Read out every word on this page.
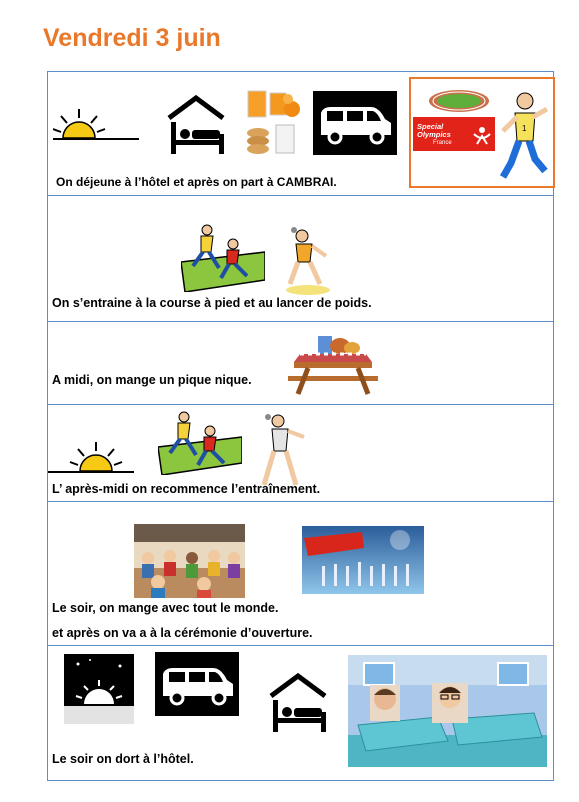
Vendredi 3 juin
1
Special
Olympics
France
On déjeune à l’hôtel et après on part à CAMBRAI.
On s’entraine à la course à pied et au lancer de poids.
A midi, on mange un pique nique.
L’ après-midi on recommence l’entraînement.
Le soir, on mange avec tout le monde.
et après on va a à la cérémonie d’ouverture.
Le soir on dort à l’hôtel.
